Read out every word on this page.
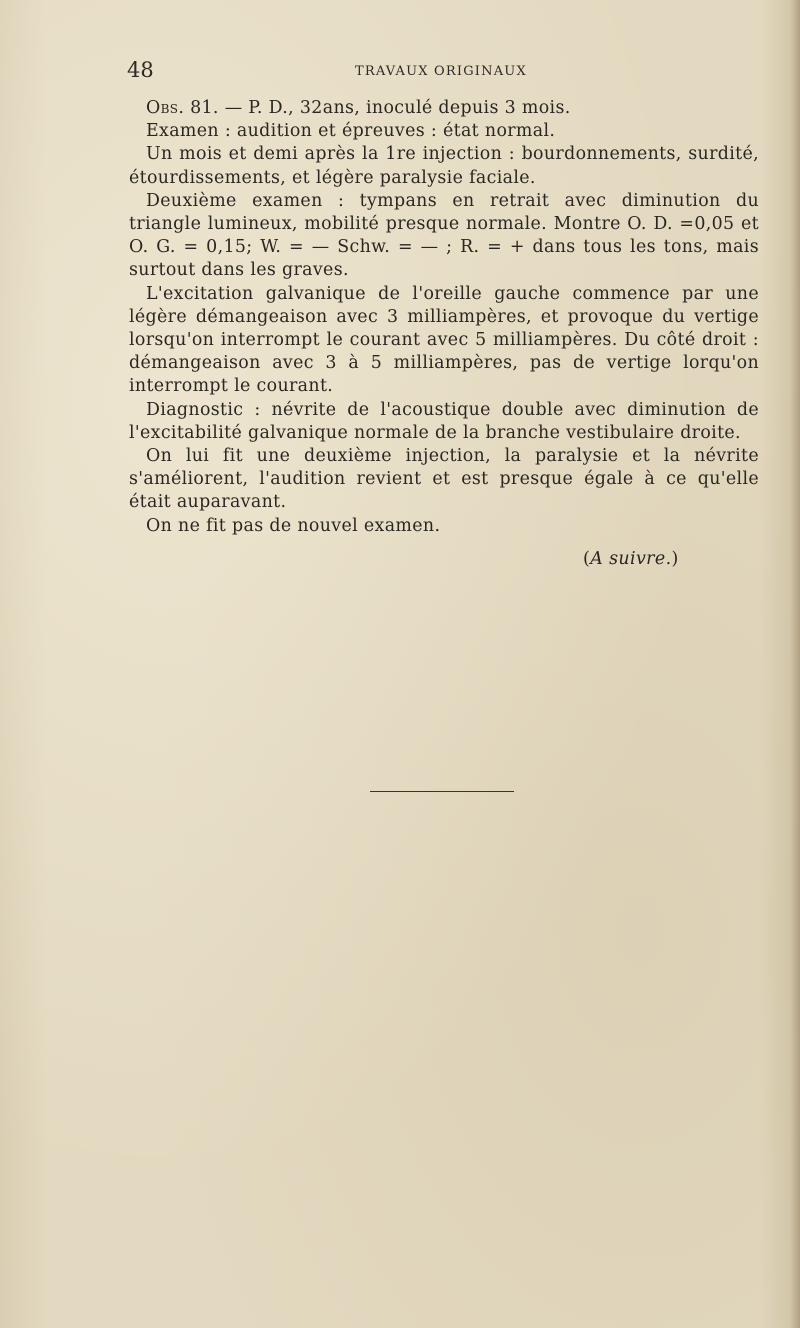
48	TRAVAUX ORIGINAUX

Obs. 81. — P. D., 32ans, inoculé depuis 3 mois.

Examen : audition et épreuves : état normal.

Un mois et demi après la 1re injection : bourdonnements, surdité, étourdissements, et légère paralysie faciale.

Deuxième examen : tympans en retrait avec diminution du triangle lumineux, mobilité presque normale. Montre O. D. =0,05 et O. G. = 0,15; W. = — Schw. = — ; R. = + dans tous les tons, mais surtout dans les graves.

L'excitation galvanique de l'oreille gauche commence par une légère démangeaison avec 3 milliampères, et provoque du vertige lorsqu'on interrompt le courant avec 5 milliampères. Du côté droit : démangeaison avec 3 à 5 milliampères, pas de vertige lorqu'on interrompt le courant.

Diagnostic : névrite de l'acoustique double avec diminution de l'excitabilité galvanique normale de la branche vestibulaire droite.

On lui fit une deuxième injection, la paralysie et la névrite s'améliorent, l'audition revient et est presque égale à ce qu'elle était auparavant.

On ne fit pas de nouvel examen.

(A suivre.)
